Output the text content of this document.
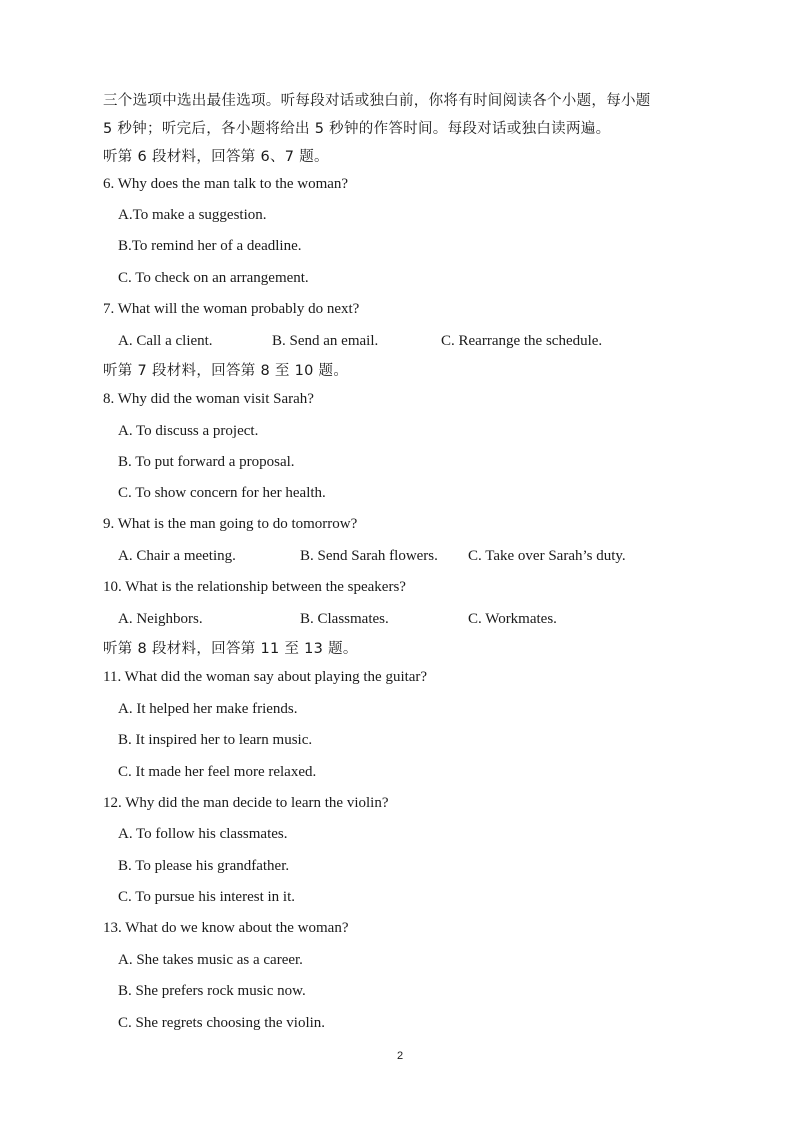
三个选项中选出最佳选项。听每段对话或独白前，你将有时间阅读各个小题，每小题
5 秒钟；听完后，各小题将给出 5 秒钟的作答时间。每段对话或独白读两遍。
听第 6 段材料，回答第 6、7 题。
6. Why does the man talk to the woman?
A.To make a suggestion.
B.To remind her of a deadline.
C. To check on an arrangement.
7. What will the woman probably do next?
A. Call a client.	B. Send an email.	C. Rearrange the schedule.
听第 7 段材料，回答第 8 至 10 题。
8. Why did the woman visit Sarah?
A. To discuss a project.
B. To put forward a proposal.
C. To show concern for her health.
9. What is the man going to do tomorrow?
A. Chair a meeting.	B. Send Sarah flowers. C. Take over Sarah’s duty.
10. What is the relationship between the speakers?
A. Neighbors.	B. Classmates.	C. Workmates.
听第 8 段材料，回答第 11 至 13 题。
11. What did the woman say about playing the guitar?
A. It helped her make friends.
B. It inspired her to learn music.
C. It made her feel more relaxed.
12. Why did the man decide to learn the violin?
A. To follow his classmates.
B. To please his grandfather.
C. To pursue his interest in it.
13. What do we know about the woman?
A. She takes music as a career.
B. She prefers rock music now.
C. She regrets choosing the violin.
2
